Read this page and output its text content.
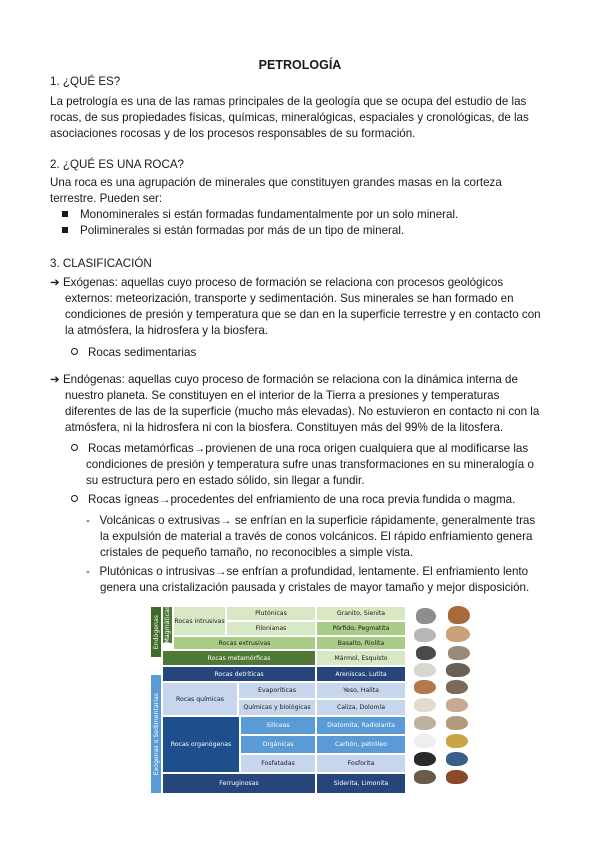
PETROLOGÍA
1. ¿QUÉ ES?
La petrología es una de las ramas principales de la geología que se ocupa del estudio de las
rocas, de sus propiedades físicas, químicas, mineralógicas, espaciales y cronológicas, de las
asociaciones rocosas y de los procesos responsables de su formación.
2. ¿QUÉ ES UNA ROCA?
Una roca es una agrupación de minerales que constituyen grandes masas en la corteza
terrestre. Pueden ser:
Monominerales si están formadas fundamentalmente por un solo mineral.
Poliminerales si están formadas por más de un tipo de mineral.
3. CLASIFICACIÓN
➔ Exógenas: aquellas cuyo proceso de formación se relaciona con procesos geológicos
externos: meteorización, transporte y sedimentación. Sus minerales se han formado en
condiciones de presión y temperatura que se dan en la superficie terrestre y en contacto con
la atmósfera, la hidrosfera y la biosfera.
Rocas sedimentarias
➔ Endógenas: aquellas cuyo proceso de formación se relaciona con la dinámica interna de
nuestro planeta. Se constituyen en el interior de la Tierra a presiones y temperaturas
diferentes de las de la superficie (mucho más elevadas). No estuvieron en contacto ni con la
atmósfera, ni la hidrosfera ni con la biosfera. Constituyen más del 99% de la litosfera.
Rocas metamórficas→provienen de una roca origen cualquiera que al modificarse las
condiciones de presión y temperatura sufre unas transformaciones en su mineralogía o
su estructura pero en estado sólido, sin llegar a fundir.
Rocas ígneas→procedentes del enfriamiento de una roca previa fundida o magma.
-   Volcánicas o extrusivas→ se enfrían en la superficie rápidamente, generalmente tras
la expulsión de material a través de conos volcánicos. El rápido enfriamiento genera
cristales de pequeño tamaño, no reconocibles a simple vista.
-   Plutónicas o intrusivas→se enfrían a profundidad, lentamente. El enfriamiento lento
genera una cristalización pausada y cristales de mayor tamaño y mejor disposición.
Endógenas Magmáticas
Exógenas o Sedimentarias
Rocas intrusivas
Plutónicas	Granito, Sienita
Filonianas	Pórfido, Pegmatita
Rocas extrusivas	Basalto, Riolita
Rocas metamórficas	Mármol, Esquisto
Rocas detríticas	Areniscas, Lutita
Rocas químicas
Evaporíticas	Yeso, Halita
Químicas y biológicas	Caliza, Dolomía
Rocas organógenas
Silíceas	Diatomita, Radiolarita
Orgánicas	Carbón, petróleo
Fosfatadas	Fosforita
Ferruginosas	Siderita, Limonita
